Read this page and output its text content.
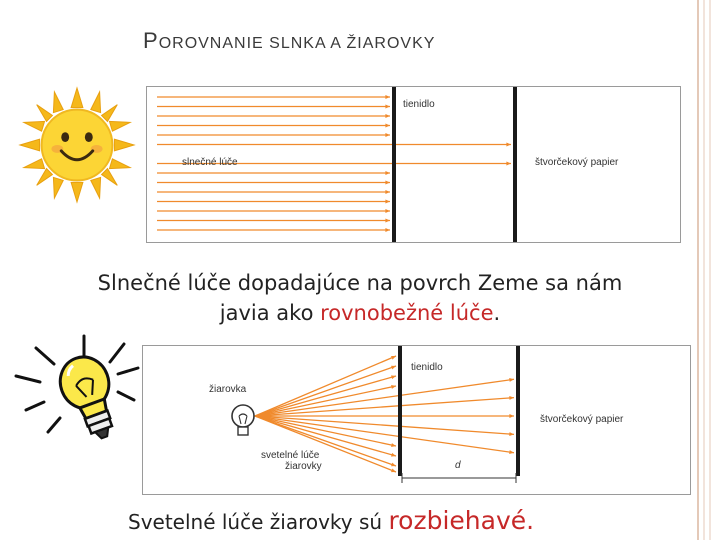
POROVNANIE SLNKA A ŽIAROVKY
tienidlo
slnečné lúče	štvorčekový papier
Slnečné lúče dopadajúce na povrch Zeme sa nám
javia ako rovnobežné lúče.
tienidlo
žiarovka
štvorčekový papier
svetelné lúče
žiarovky	d
Svetelné lúče žiarovky sú rozbiehavé.
